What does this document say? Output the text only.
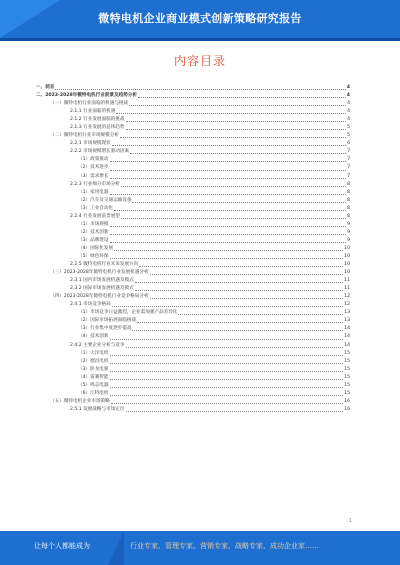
微特电机企业商业模式创新策略研究报告
内容目录
一、前言	4
二、2023-2028年微特电机行业前景及趋势分析	4
（一）微特电机行业面临的机遇与挑战	4
2.1.1 行业面临的机遇	4
2.1.2 行业发展面临的挑战	4
2.1.3 行业发展的总体趋势	5
（二）微特电机行业市场规模分析	5
2.2.1 市场规模现状	6
2.2.2 市场规模增长驱动因素	7
（1）政策推动	7
（2）技术进步	7
（3）需求增长	7
2.2.3 行业细分市场分析	8
（1）家用电器	8
（2）汽车及交通运输设备	8
（3）工业自动化	8
2.2.4 行业发展前景展望	8
（1）市场规模	9
（2）技术创新	9
（3）品牌建设	9
（4）国际化发展	10
（5）绿色环保	10
2.2.5 微特电机行业未来发展方向	10
（三）2023-2028年微特电机行业发展机遇分析	10
2.3.1 国内市场发展机遇及模式	11
2.3.2 国际市场发展机遇及模式	11
（四）2023-2028年微特电机行业竞争格局分析	12
2.4.1 市场竞争格局	12
（1）市场竞争日益激烈，企业需加强产品差异化	13
（2）国际市场拓展面临挑战	13
（3）行业集中度逐步提高	14
（4）技术创新	14
2.4.2 主要企业分析与竞争	14
（1）大洋电机	15
（2）德昌电机	15
（3）卧龙电驱	15
（4）雷赛智能	15
（5）鸣志电器	15
（6）江特电机	15
（五）微特电机企业市场策略	16
2.5.1 发展战略与市场定位	16
1
让每个人都能成为	行业专家、管理专家、营销专家、战略专家、成功企业家……
